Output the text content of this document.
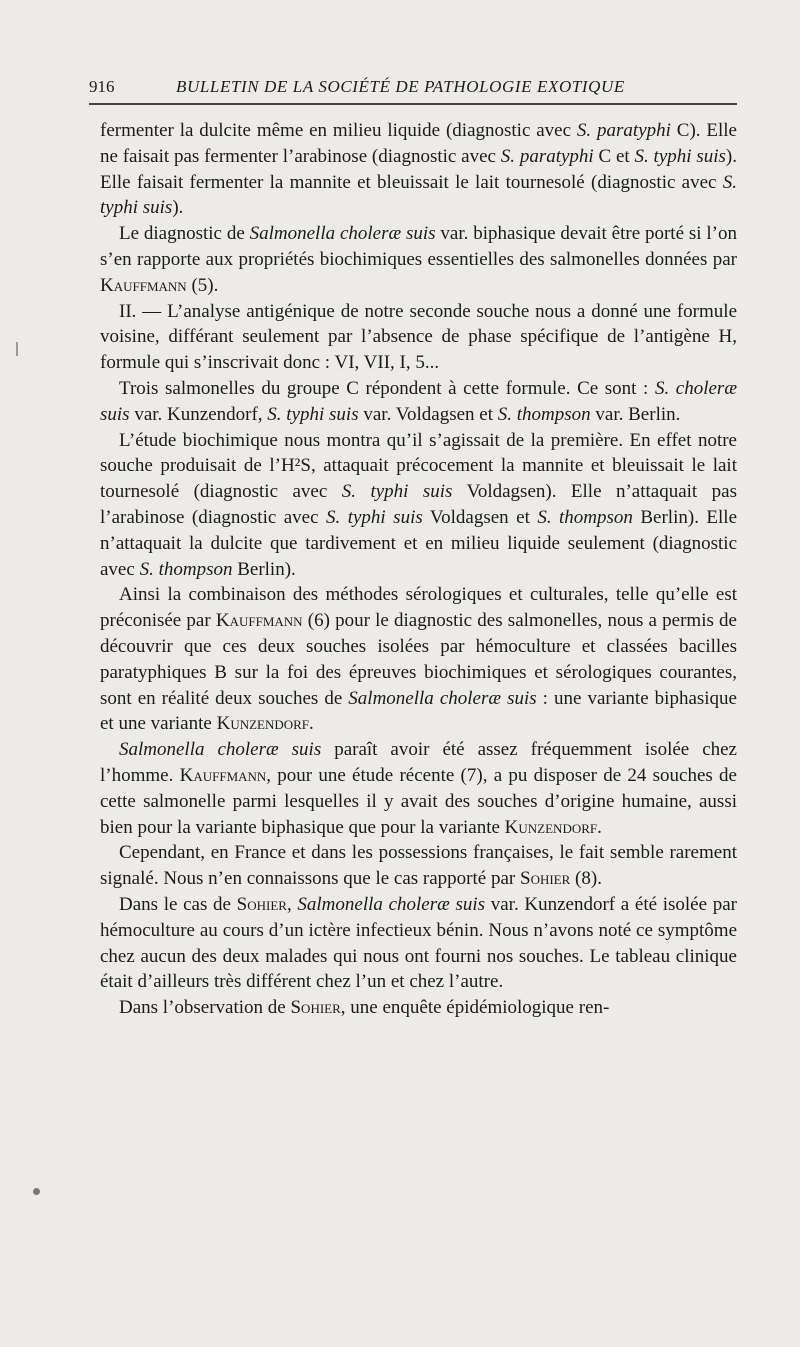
916	BULLETIN DE LA SOCIÉTÉ DE PATHOLOGIE EXOTIQUE

fermenter la dulcite même en milieu liquide (diagnostic avec S. paratyphi C). Elle ne faisait pas fermenter l’arabinose (diagnostic avec S. paratyphi C et S. typhi suis). Elle faisait fermenter la mannite et bleuissait le lait tournesolé (diagnostic avec S. typhi suis).

Le diagnostic de Salmonella choleræ suis var. biphasique devait être porté si l’on s’en rapporte aux propriétés biochimiques essentielles des salmonelles données par Kauffmann (5).

II. — L’analyse antigénique de notre seconde souche nous a donné une formule voisine, différant seulement par l’absence de phase spécifique de l’antigène H, formule qui s’inscrivait donc : VI, VII, I, 5...

Trois salmonelles du groupe C répondent à cette formule. Ce sont : S. choleræ suis var. Kunzendorf, S. typhi suis var. Voldagsen et S. thompson var. Berlin.

L’étude biochimique nous montra qu’il s’agissait de la première. En effet notre souche produisait de l’H²S, attaquait précocement la mannite et bleuissait le lait tournesolé (diagnostic avec S. typhi suis Voldagsen). Elle n’attaquait pas l’arabinose (diagnostic avec S. typhi suis Voldagsen et S. thompson Berlin). Elle n’attaquait la dulcite que tardivement et en milieu liquide seulement (diagnostic avec S. thompson Berlin).

Ainsi la combinaison des méthodes sérologiques et culturales, telle qu’elle est préconisée par Kauffmann (6) pour le diagnostic des salmonelles, nous a permis de découvrir que ces deux souches isolées par hémoculture et classées bacilles paratyphiques B sur la foi des épreuves biochimiques et sérologiques courantes, sont en réalité deux souches de Salmonella choleræ suis : une variante biphasique et une variante Kunzendorf.

Salmonella choleræ suis paraît avoir été assez fréquemment isolée chez l’homme. Kauffmann, pour une étude récente (7), a pu disposer de 24 souches de cette salmonelle parmi lesquelles il y avait des souches d’origine humaine, aussi bien pour la variante biphasique que pour la variante Kunzendorf.

Cependant, en France et dans les possessions françaises, le fait semble rarement signalé. Nous n’en connaissons que le cas rapporté par Sohier (8).

Dans le cas de Sohier, Salmonella choleræ suis var. Kunzendorf a été isolée par hémoculture au cours d’un ictère infectieux bénin. Nous n’avons noté ce symptôme chez aucun des deux malades qui nous ont fourni nos souches. Le tableau clinique était d’ailleurs très différent chez l’un et chez l’autre.

Dans l’observation de Sohier, une enquête épidémiologique ren-
